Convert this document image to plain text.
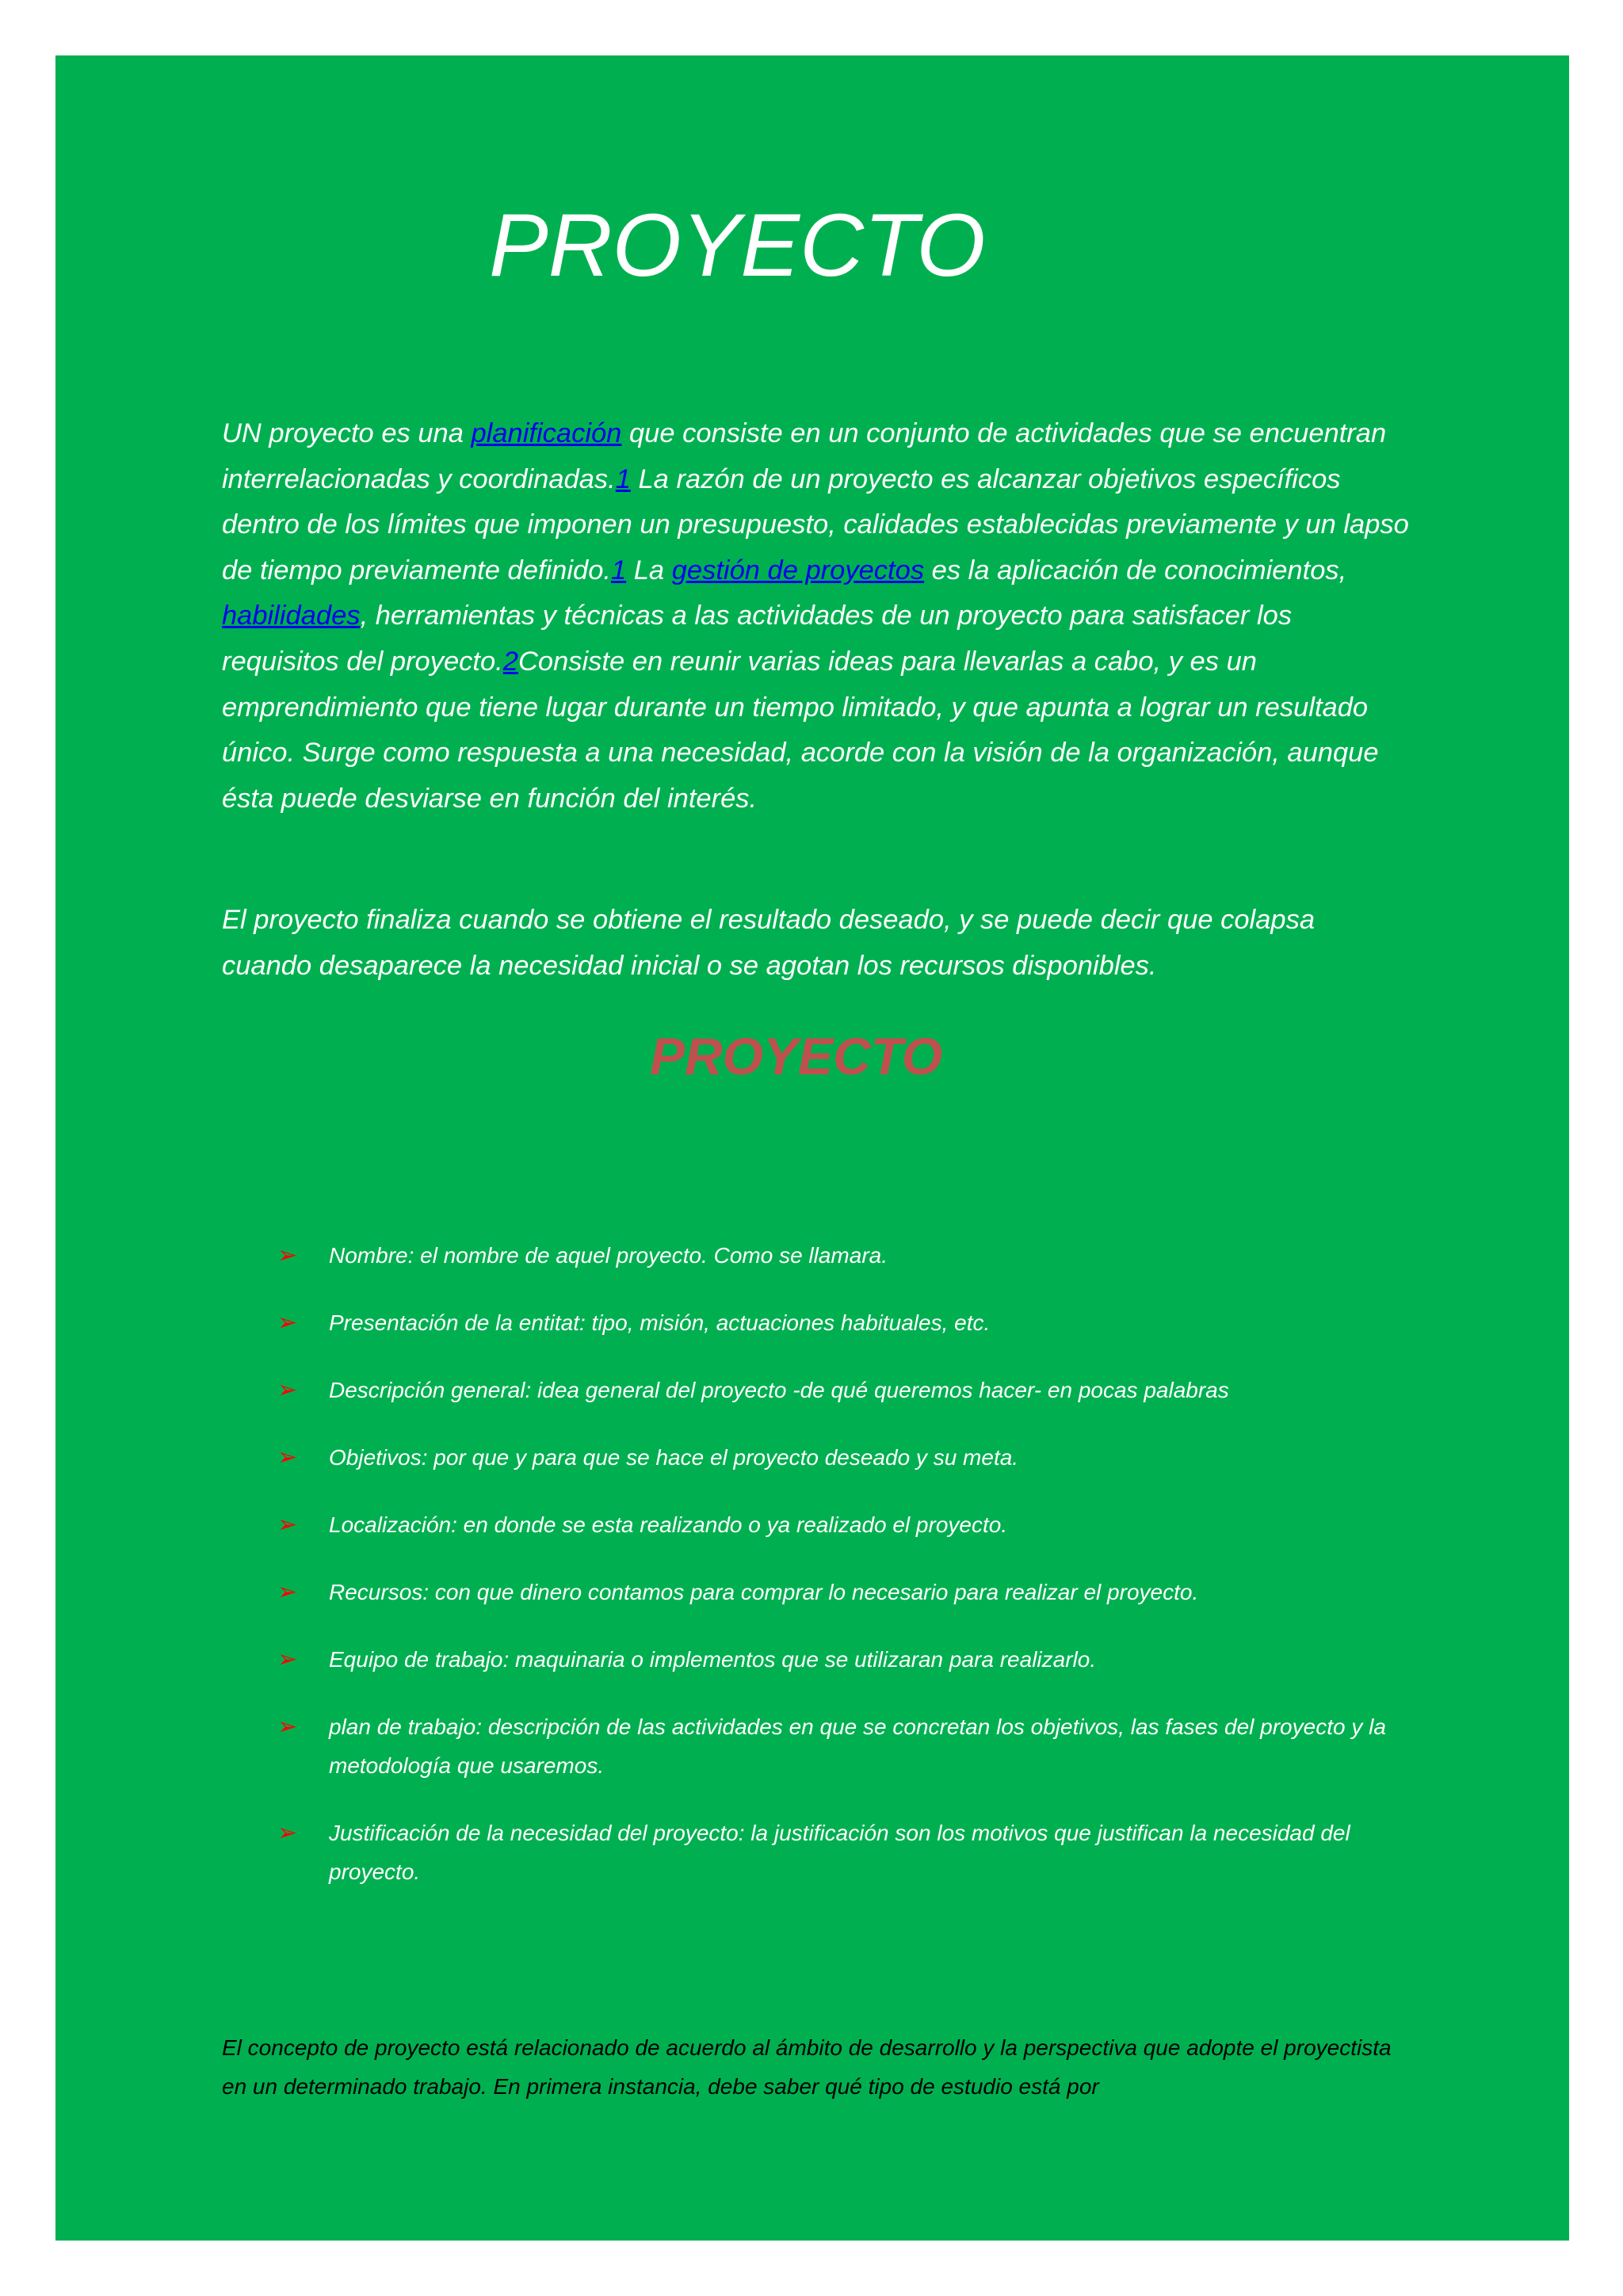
PROYECTO

UN proyecto es una planificación que consiste en un conjunto de actividades que se encuentran interrelacionadas y coordinadas.1 La razón de un proyecto es alcanzar objetivos específicos dentro de los límites que imponen un presupuesto, calidades establecidas previamente y un lapso de tiempo previamente definido.1 La gestión de proyectos es la aplicación de conocimientos, habilidades, herramientas y técnicas a las actividades de un proyecto para satisfacer los requisitos del proyecto.2Consiste en reunir varias ideas para llevarlas a cabo, y es un emprendimiento que tiene lugar durante un tiempo limitado, y que apunta a lograr un resultado único. Surge como respuesta a una necesidad, acorde con la visión de la organización, aunque ésta puede desviarse en función del interés.

El proyecto finaliza cuando se obtiene el resultado deseado, y se puede decir que colapsa cuando desaparece la necesidad inicial o se agotan los recursos disponibles.

PROYECTO
➢ Nombre: el nombre de aquel proyecto. Como se llamara.
➢ Presentación de la entitat: tipo, misión, actuaciones habituales, etc.
➢ Descripción general: idea general del proyecto -de qué queremos hacer- en pocas palabras
➢ Objetivos: por que y para que se hace el proyecto deseado y su meta.
➢ Localización: en donde se esta realizando o ya realizado el proyecto.
➢ Recursos: con que dinero contamos para comprar lo necesario para realizar el proyecto.
➢ Equipo de trabajo: maquinaria o implementos que se utilizaran para realizarlo.
➢ plan de trabajo: descripción de las actividades en que se concretan los objetivos, las fases del proyecto y la metodología que usaremos.
➢ Justificación de la necesidad del proyecto: la justificación son los motivos que justifican la necesidad del proyecto.

El concepto de proyecto está relacionado de acuerdo al ámbito de desarrollo y la perspectiva que adopte el proyectista en un determinado trabajo. En primera instancia, debe saber qué tipo de estudio está por
